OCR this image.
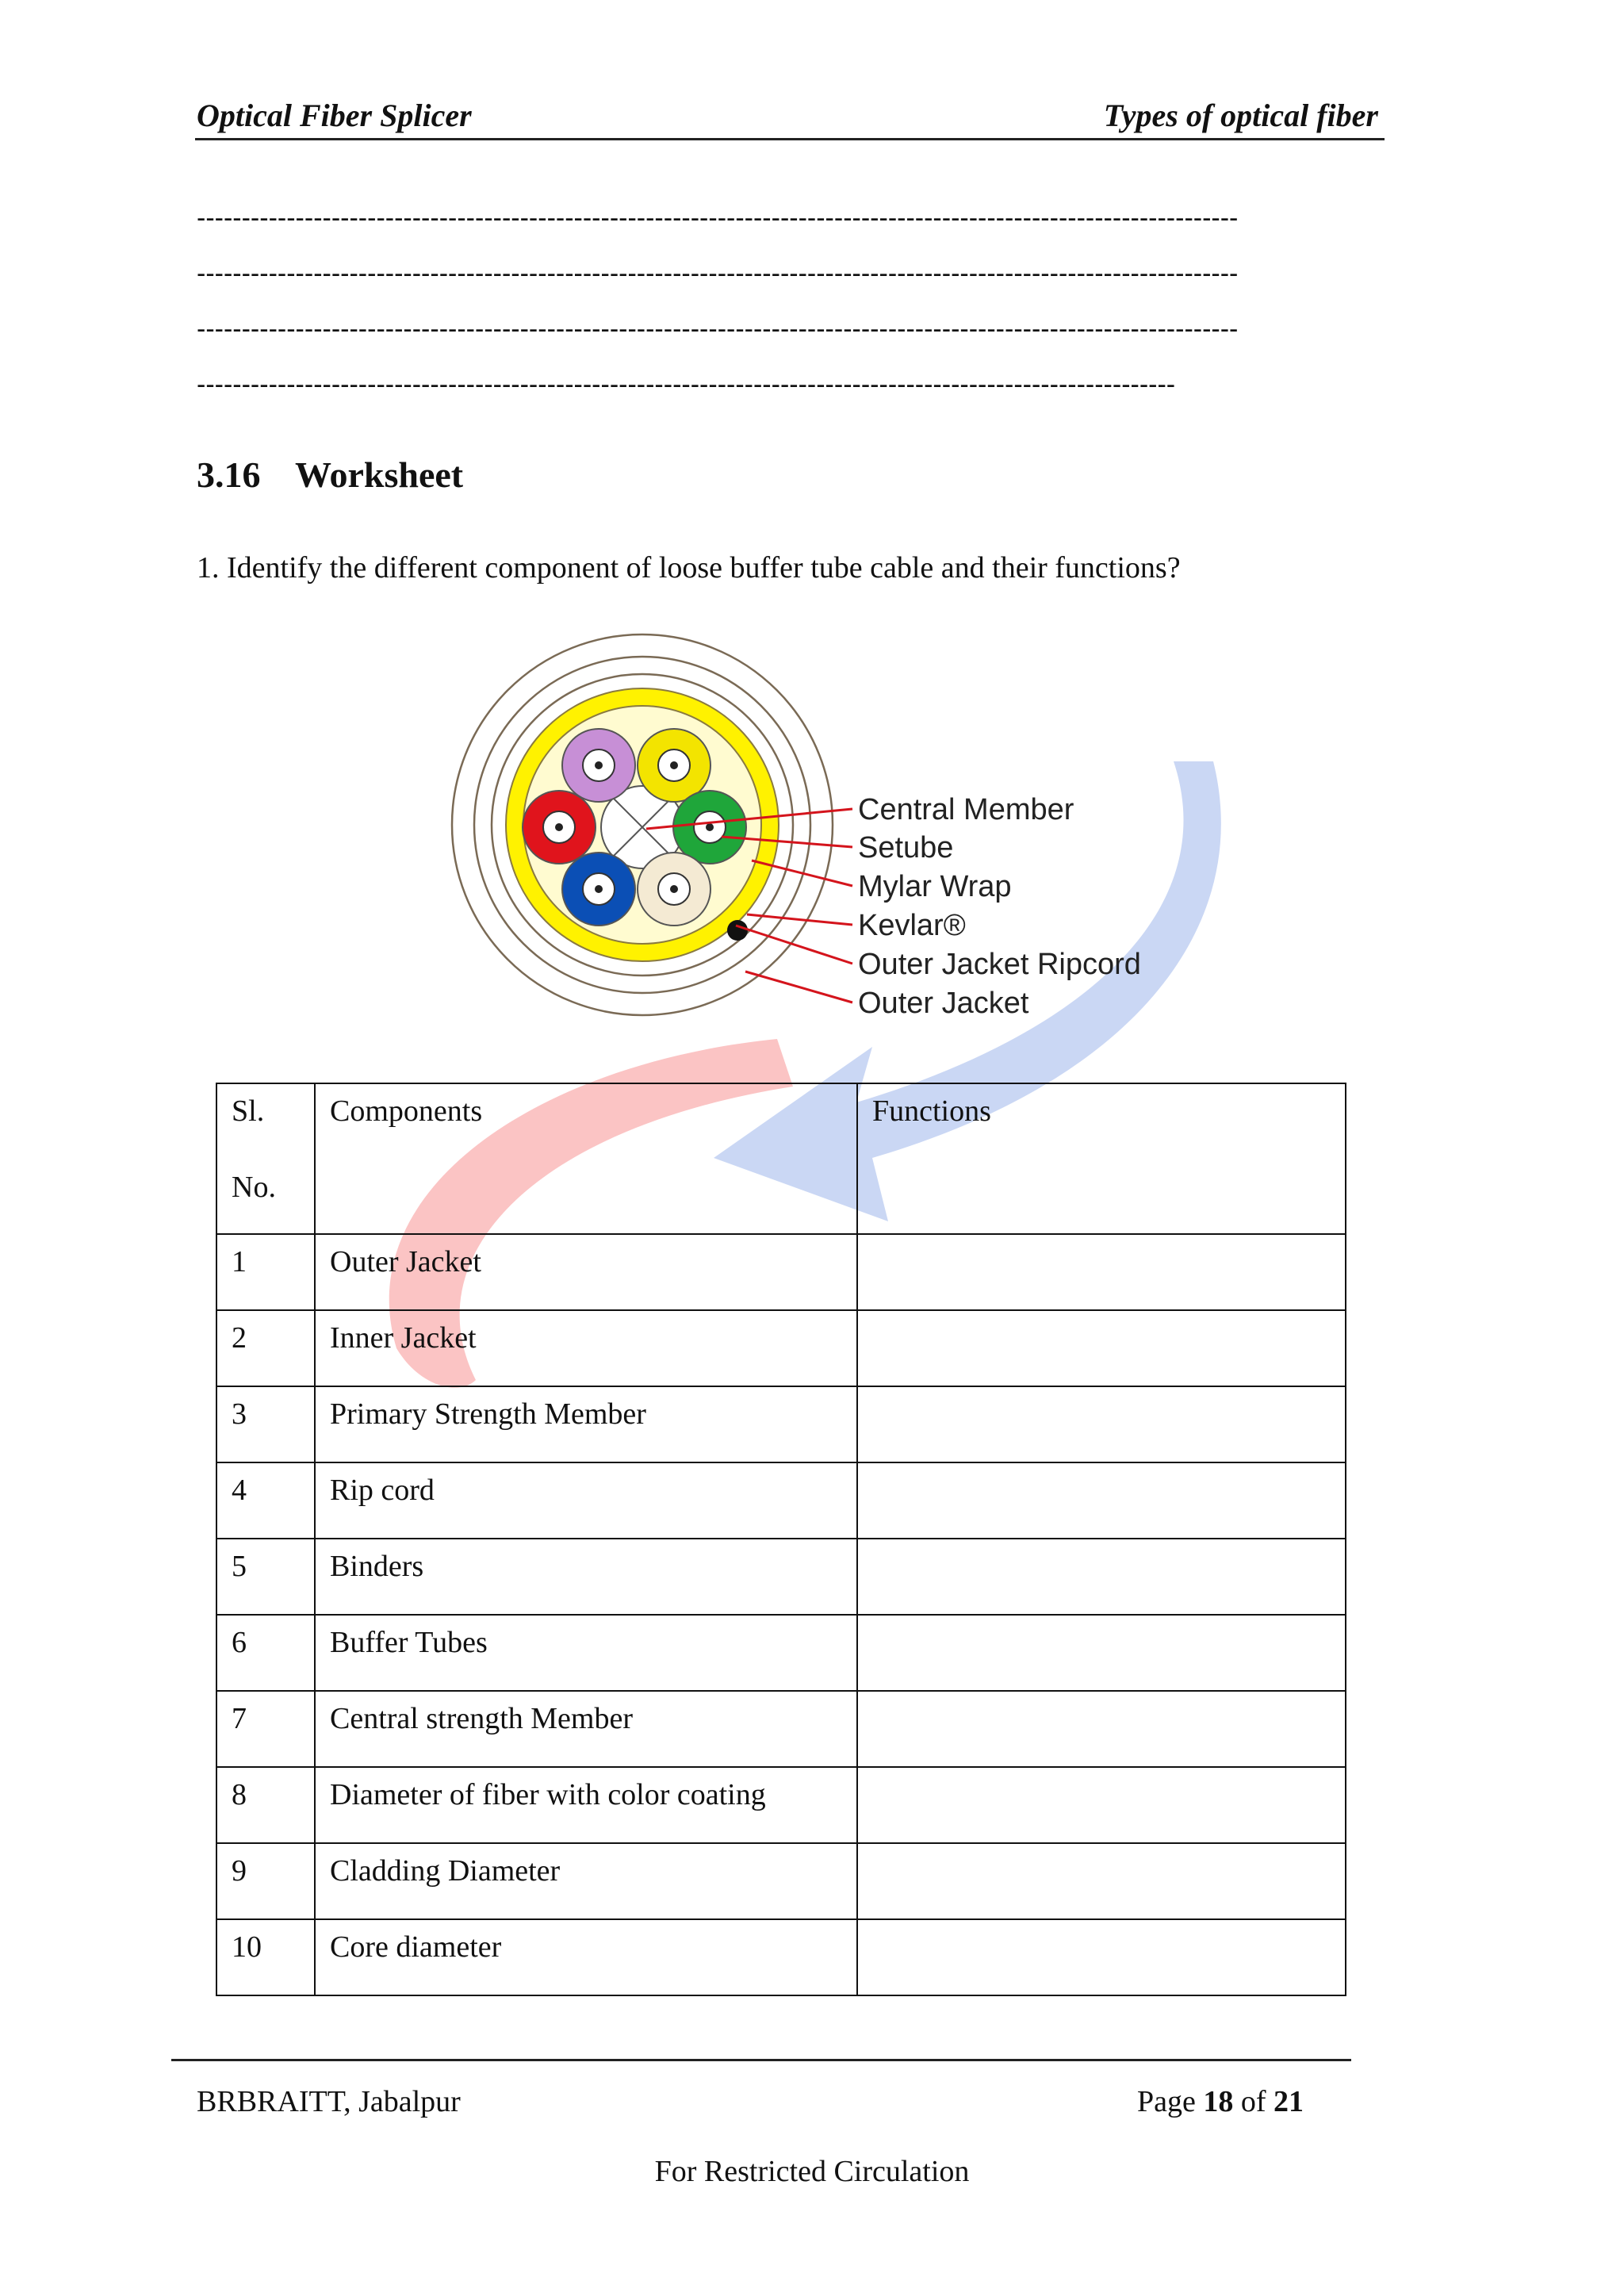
Optical Fiber Splicer	Types of optical fiber
--------------------------------------------------------------------------------------------------------------------
--------------------------------------------------------------------------------------------------------------------
--------------------------------------------------------------------------------------------------------------------
-------------------------------------------------------------------------------------------------------------
3.16 Worksheet
1. Identify the different component of loose buffer tube cable and their functions?
Central Member
Setube
Mylar Wrap
Kevlar®
Outer Jacket Ripcord
Outer Jacket
Sl.
No.	Components	Functions
1	Outer Jacket	
2	Inner Jacket	
3	Primary Strength Member	
4	Rip cord	
5	Binders	
6	Buffer Tubes	
7	Central strength Member	
8	Diameter of fiber with color coating	
9	Cladding Diameter	
10	Core diameter	
BRBRAITT, Jabalpur	Page 18 of 21
For Restricted Circulation
